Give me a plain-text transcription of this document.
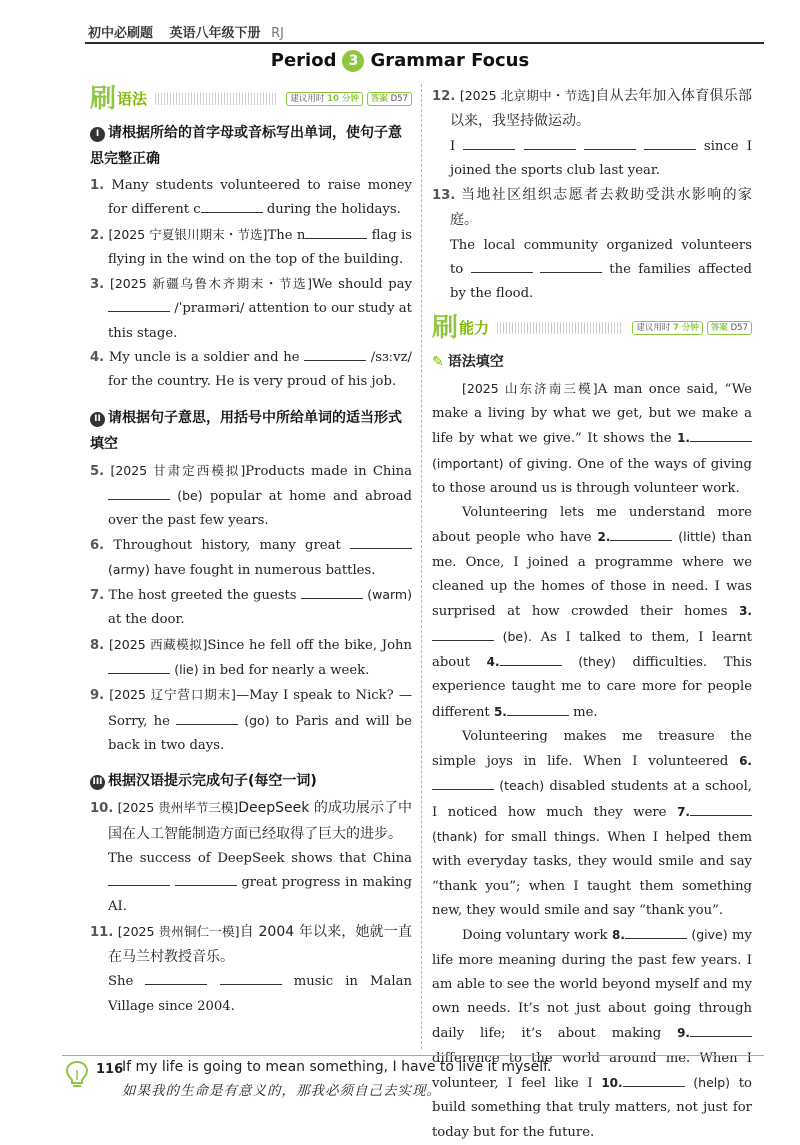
初中必刷题 英语八年级下册 RJ
Period 3 Grammar Focus
刷 语法	建议用时 10 分钟	答案 D57
I 请根据所给的首字母或音标写出单词，使句子意思完整正确
1. Many students volunteered to raise money for different c	during the holidays.
2. [2025 宁夏银川期末・节选]The n	flag is flying in the wind on the top of the building.
3. [2025 新疆乌鲁木齐期末・节选]We should pay  /ˈpraɪməri/ attention to our study at this stage.
4. My uncle is a soldier and he	/sɜːvz/ for the country. He is very proud of his job.
II 请根据句子意思，用括号中所给单词的适当形式填空
5. [2025 甘肃定西模拟]Products made in China  (be) popular at home and abroad over the past few years.
6. Throughout history, many great  (army) have fought in numerous battles.
7. The host greeted the guests	(warm) at the door.
8. [2025 西藏模拟]Since he fell off the bike, John  (lie) in bed for nearly a week.
9. [2025 辽宁营口期末]—May I speak to Nick? —Sorry, he	(go) to Paris and will be back in two days.
III 根据汉语提示完成句子(每空一词)
10. [2025 贵州毕节三模]DeepSeek 的成功展示了中国在人工智能制造方面已经取得了巨大的进步。
The success of DeepSeek shows that China   great progress in making AI.
11. [2025 贵州铜仁一模]自 2004 年以来，她就一直在马兰村教授音乐。
She	music in Malan Village since 2004.
12. [2025 北京期中・节选]自从去年加入体育俱乐部以来，我坚持做运动。
I	since I joined the sports club last year.
13. 当地社区组织志愿者去救助受洪水影响的家庭。
The local community organized volunteers to	the families affected by the flood.
刷 能力	建议用时 7 分钟	答案 D57
✎ 语法填空
[2025 山东济南三模]A man once said, “We make a living by what we get, but we make a life by what we give.” It shows the 1. (important) of giving. One of the ways of giving to those around us is through volunteer work.
Volunteering lets me understand more about people who have 2.	(little) than me. Once, I joined a programme where we cleaned up the homes of those in need. I was surprised at how crowded their homes 3. (be). As I talked to them, I learnt about 4.	(they) difficulties. This experience taught me to care more for people different 5.	me.
Volunteering makes me treasure the simple joys in life. When I volunteered 6. (teach) disabled students at a school, I noticed how much they were 7. (thank) for small things. When I helped them with everyday tasks, they would smile and say “thank you”; when I taught them something new, they would smile and say “thank you”.
Doing voluntary work 8.	(give) my life more meaning during the past few years. I am able to see the world beyond myself and my own needs. It’s not just about going through daily life; it’s about making 9. difference to the world around me. When I volunteer, I feel like I 10.	(help) to build something that truly matters, not just for today but for the future.
116
If my life is going to mean something, I have to live it myself.
如果我的生命是有意义的，那我必须自己去实现。
